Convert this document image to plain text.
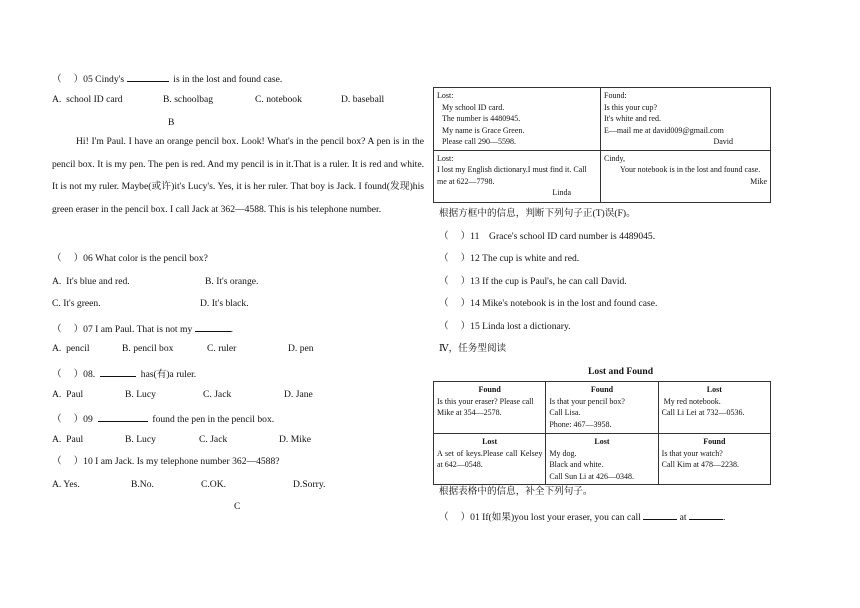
（     ）05 Cindy's	is in the lost and found case.
A.  school ID card	B. schoolbag	C. notebook	D. baseball
B
Hi! I'm Paul. I have an orange pencil box. Look! What's in the pencil box? A pen is in the pencil box. It is my pen. The pen is red. And my pencil is in it.That is a ruler. It is red and white. It is not my ruler. Maybe(或许)it's Lucy's. Yes, it is her ruler. That boy is Jack. I found(发现)his green eraser in the pencil box. I call Jack at 362—4588. This is his telephone number.
（     ）06 What color is the pencil box?
A.  It's blue and red.	B. It's orange.
C. It's green.	D. It's black.
（     ）07 I am Paul. That is not my	.
A.  pencil	B. pencil box	C. ruler	D. pen
（     ）08.	has(有)a ruler.
A.  Paul	B. Lucy	C. Jack	D. Jane
（     ）09	found the pen in the pencil box.
A.  Paul	B. Lucy	C. Jack	D. Mike
（     ）10 I am Jack. Is my telephone number 362—4588?
A. Yes.	B.No.	C.OK.	D.Sorry.
C
Lost:

My school ID card.
The number is 4480945.
My name is Grace Green.
Please call 290—5598.	Found:
Is this your cup?
It's white and red.
E—mail me at david009@gmail.com
David

Lost:
I lost my English dictionary.I must find it. Call me at 622—7798.
Linda	Cindy,

Your notebook is in the lost and found case.
Mike
根据方框中的信息，判断下列句子正(T)误(F)。
（     ）11    Grace's school ID card number is 4489045.
（     ）12 The cup is white and red.
（     ）13 If the cup is Paul's, he can call David.
（     ）14 Mike's notebook is in the lost and found case.
（     ）15 Linda lost a dictionary.
Ⅳ，任务型阅读
Lost and Found
Found
Is this your eraser? Please call Mike at 354—2578.	Found
Is that your pencil box?
Call Lisa.
Phone: 467—3958.	Lost
My red notebook.
Call Li Lei at 732—0536.

Lost
A set of keys.Please call Kelsey at 642—0548.	Lost
My dog.
Black and white.
Call Sun Li at 426—0348.	Found
Is that your watch?
Call Kim at 478—2238.
根据表格中的信息，补全下列句子。
（     ）01 If(如果)you lost your eraser, you can call	at	.
